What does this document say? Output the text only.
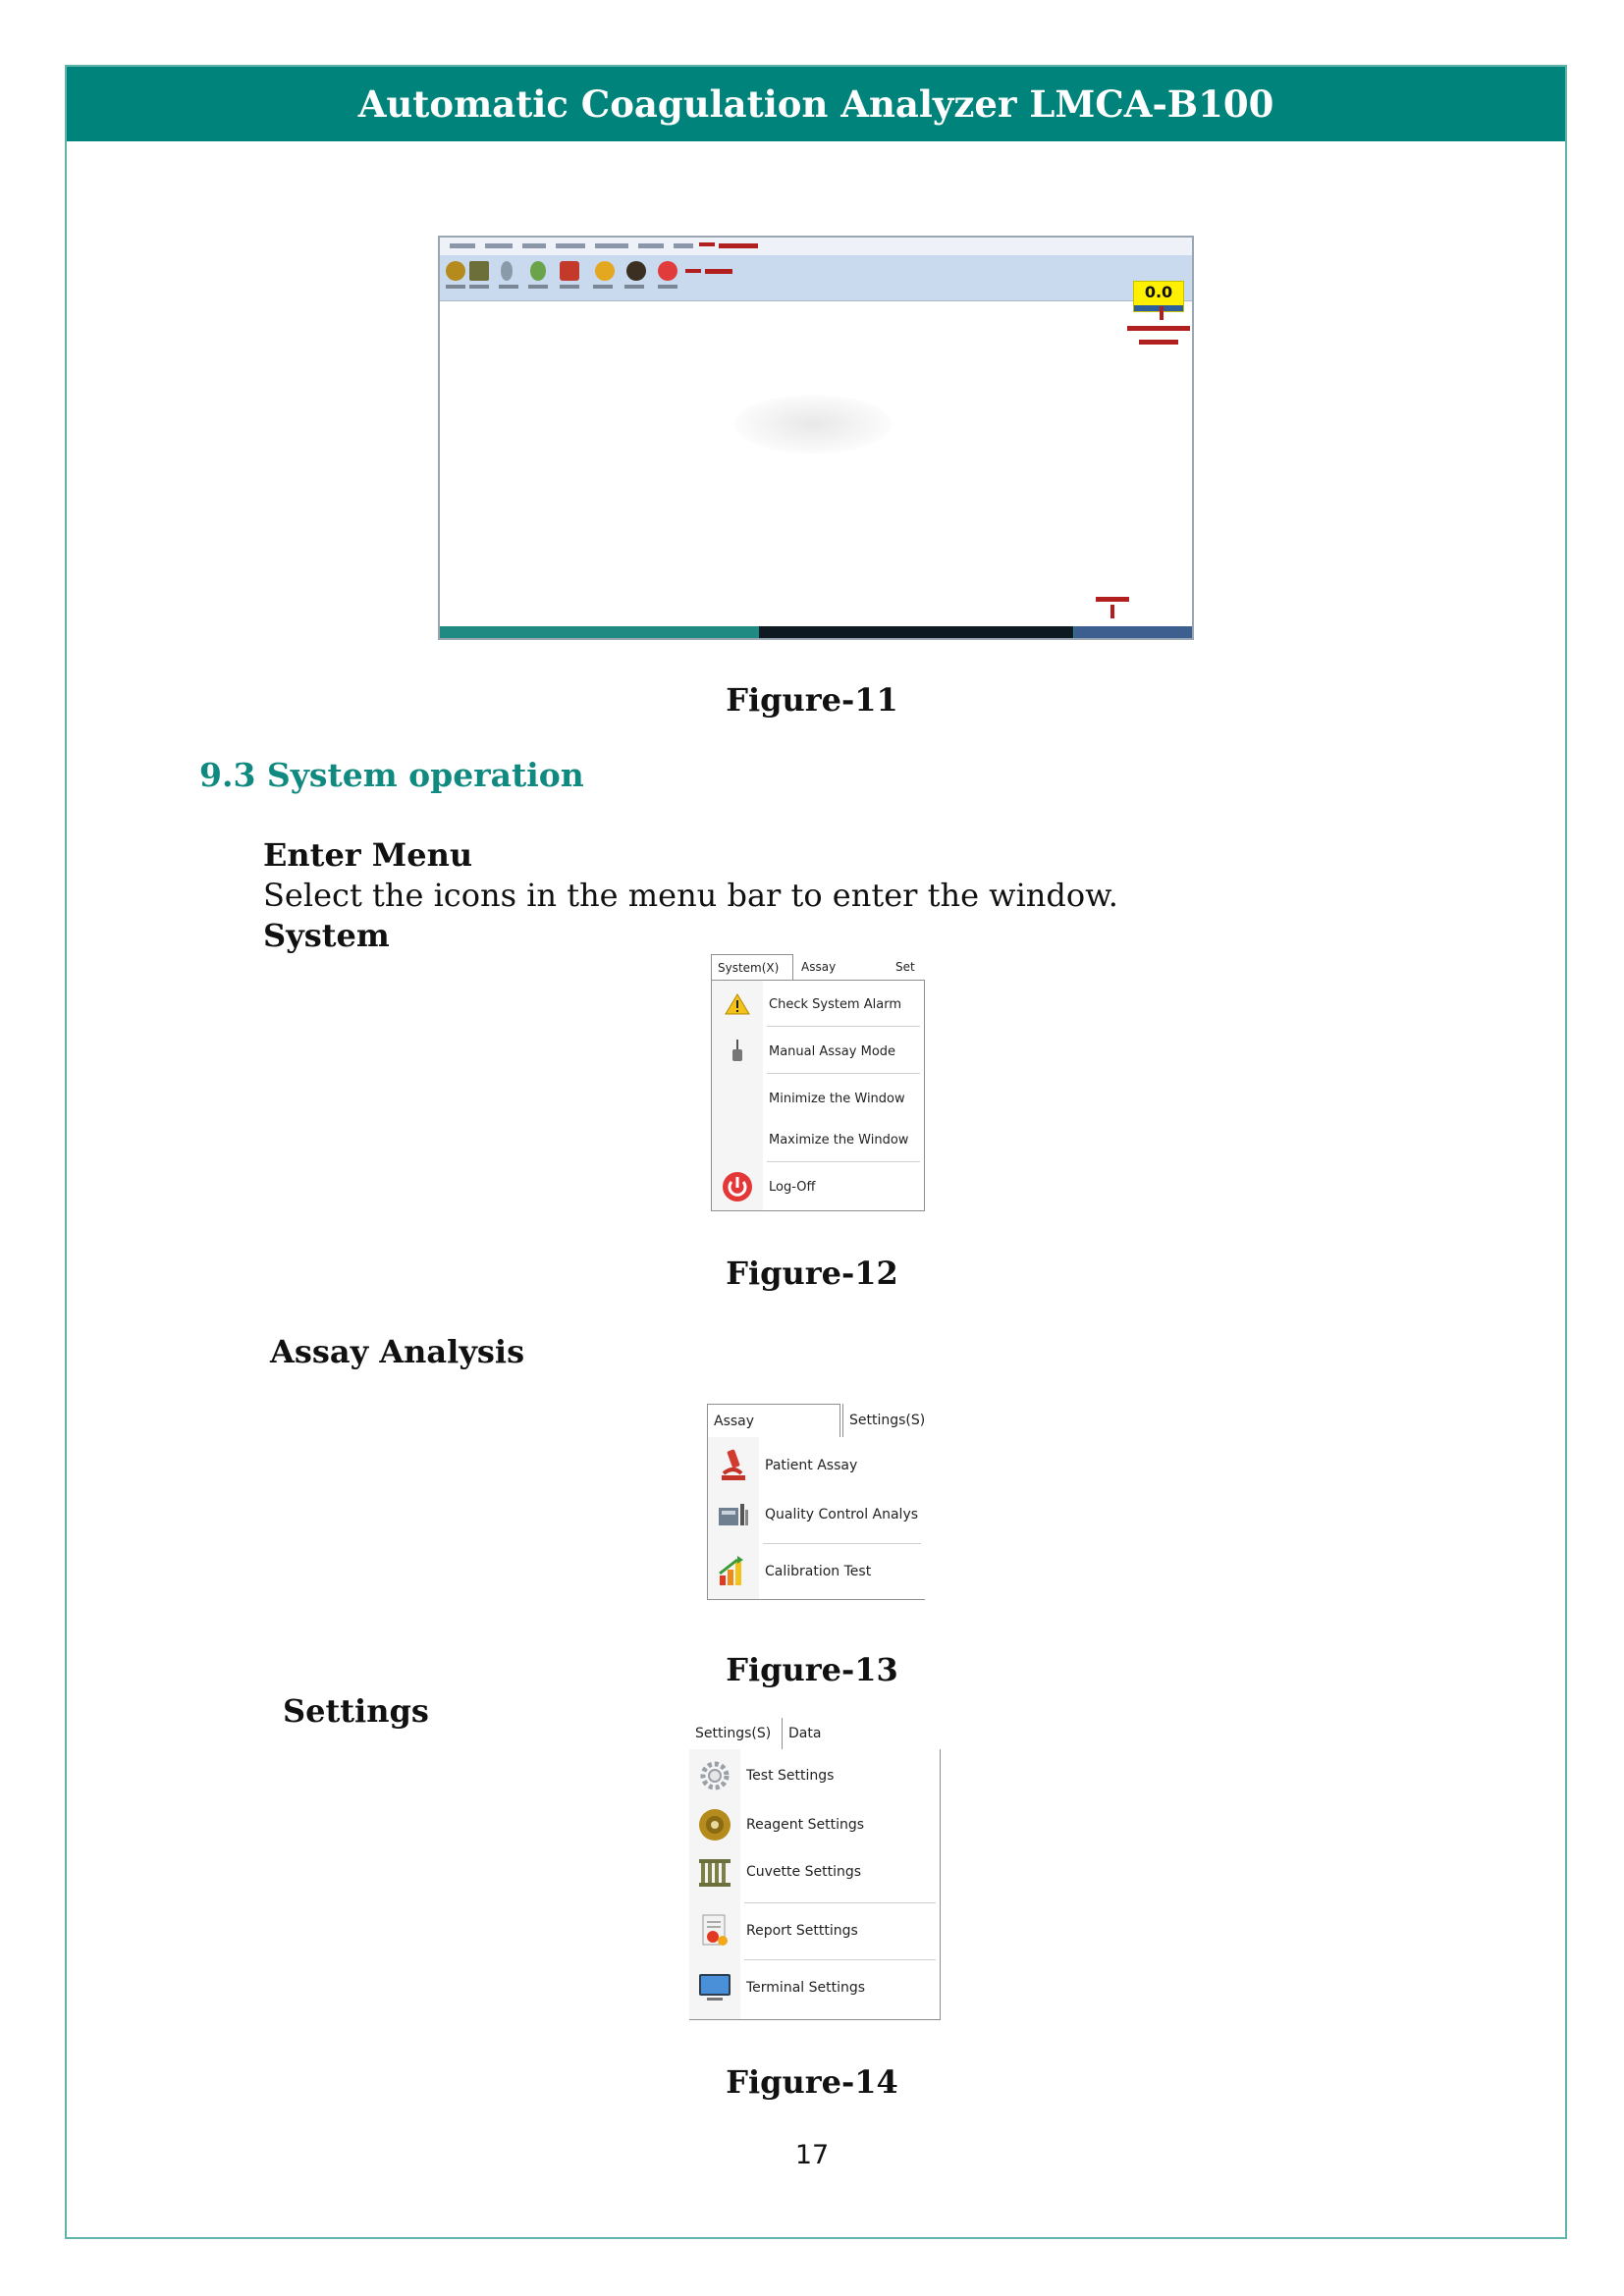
Automatic Coagulation Analyzer LMCA-B100
0.0
Figure-11
9.3 System operation
Enter Menu
Select the icons in the menu bar to enter the window.
System
System(X)	Assay	Set
Check System Alarm
Manual Assay Mode
Minimize the Window
Maximize the Window
Log-Off
Figure-12
Assay Analysis
Assay	Settings(S)
Patient Assay
Quality Control Analys
Calibration Test
Figure-13
Settings
Settings(S)	Data
Test Settings
Reagent Settings
Cuvette Settings
Report Setttings
Terminal Settings
Figure-14
17
